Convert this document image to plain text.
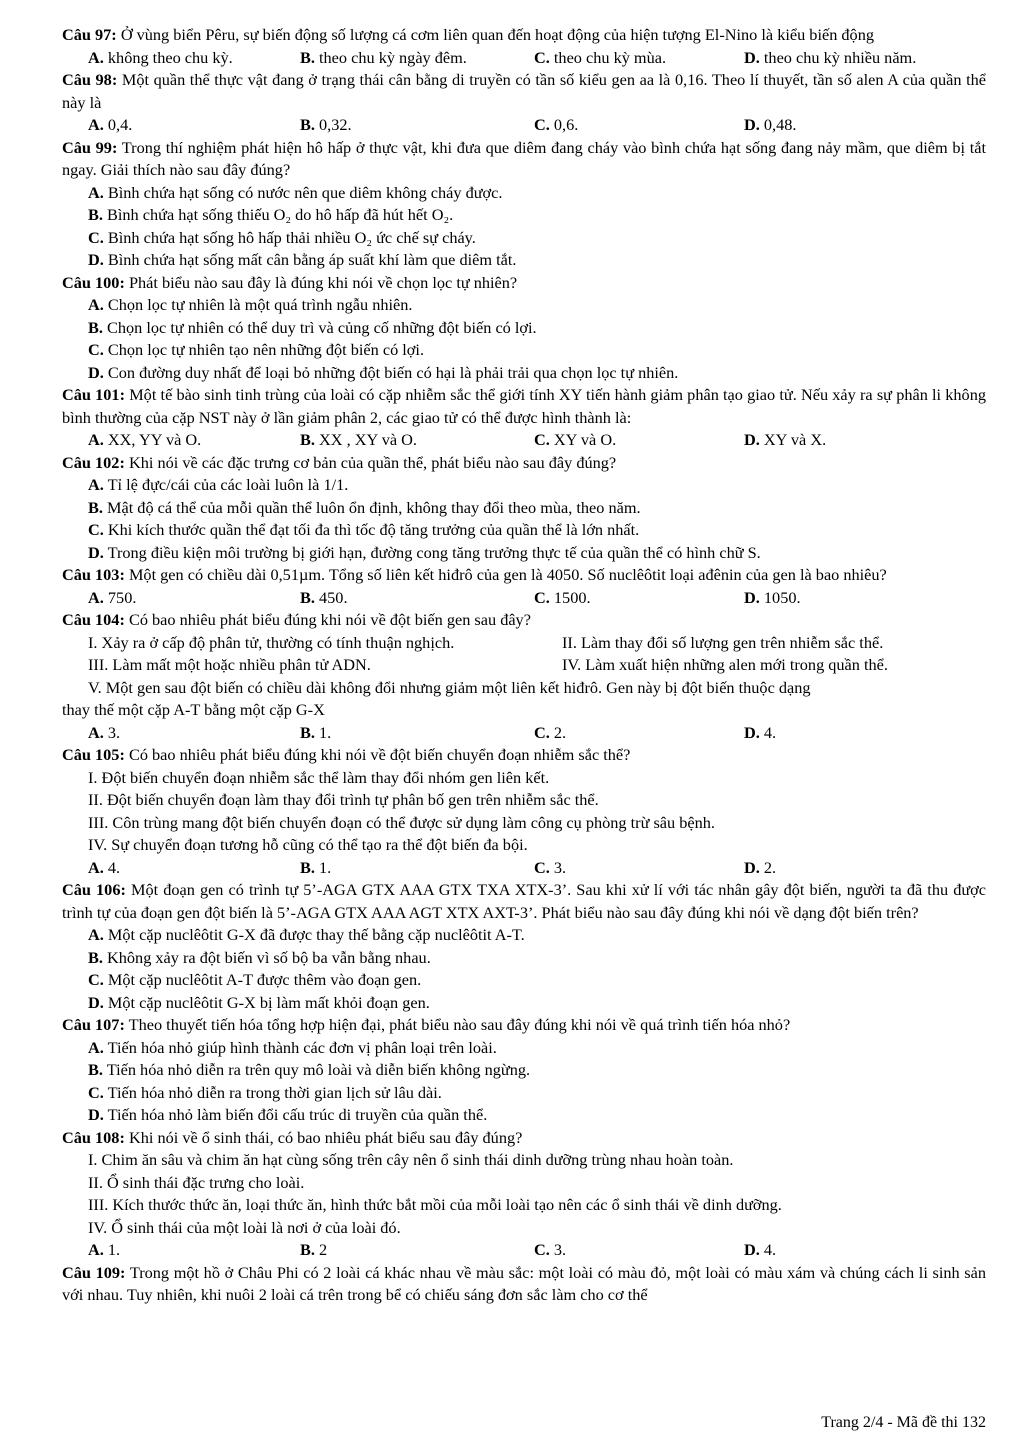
Câu 97: Ở vùng biển Pêru, sự biến động số lượng cá cơm liên quan đến hoạt động của hiện tượng El-Nino là kiểu biến động

A. không theo chu kỳ.	B. theo chu kỳ ngày đêm.	C. theo chu kỳ mùa.	D. theo chu kỳ nhiều năm.

Câu 98: Một quần thể thực vật đang ở trạng thái cân bằng di truyền có tần số kiểu gen aa là 0,16. Theo lí thuyết, tần số alen A của quần thể này là

A. 0,4.	B. 0,32.	C. 0,6.	D. 0,48.

Câu 99: Trong thí nghiệm phát hiện hô hấp ở thực vật, khi đưa que diêm đang cháy vào bình chứa hạt sống đang nảy mầm, que diêm bị tắt ngay. Giải thích nào sau đây đúng?

A. Bình chứa hạt sống có nước nên que diêm không cháy được.
B. Bình chứa hạt sống thiếu O₂ do hô hấp đã hút hết O₂.
C. Bình chứa hạt sống hô hấp thải nhiều O₂ ức chế sự cháy.
D. Bình chứa hạt sống mất cân bằng áp suất khí làm que diêm tắt.

Câu 100: Phát biểu nào sau đây là đúng khi nói về chọn lọc tự nhiên?

A. Chọn lọc tự nhiên là một quá trình ngẫu nhiên.
B. Chọn lọc tự nhiên có thể duy trì và củng cố những đột biến có lợi.
C. Chọn lọc tự nhiên tạo nên những đột biến có lợi.
D. Con đường duy nhất để loại bỏ những đột biến có hại là phải trải qua chọn lọc tự nhiên.

Câu 101: Một tế bào sinh tinh trùng của loài có cặp nhiễm sắc thể giới tính XY tiến hành giảm phân tạo giao tử. Nếu xảy ra sự phân li không bình thường của cặp NST này ở lần giảm phân 2, các giao tử có thể được hình thành là:

A. XX, YY và O.	B. XX , XY và O.	C. XY và O.	D. XY và X.

Câu 102: Khi nói về các đặc trưng cơ bản của quần thể, phát biểu nào sau đây đúng?

A. Tỉ lệ đực/cái của các loài luôn là 1/1.
B. Mật độ cá thể của mỗi quần thể luôn ổn định, không thay đổi theo mùa, theo năm.
C. Khi kích thước quần thể đạt tối đa thì tốc độ tăng trưởng của quần thể là lớn nhất.
D. Trong điều kiện môi trường bị giới hạn, đường cong tăng trưởng thực tế của quần thể có hình chữ S.

Câu 103: Một gen có chiều dài 0,51µm. Tổng số liên kết hiđrô của gen là 4050. Số nuclêôtit loại ađênin của gen là bao nhiêu?

A. 750.	B. 450.	C. 1500.	D. 1050.

Câu 104: Có bao nhiêu phát biểu đúng khi nói về đột biến gen sau đây?

I. Xảy ra ở cấp độ phân tử, thường có tính thuận nghịch.	II. Làm thay đổi số lượng gen trên nhiễm sắc thể.
III. Làm mất một hoặc nhiều phân tử ADN.	IV. Làm xuất hiện những alen mới trong quần thể.
V. Một gen sau đột biến có chiều dài không đổi nhưng giảm một liên kết hiđrô. Gen này bị đột biến thuộc dạng

thay thế một cặp A-T bằng một cặp G-X

A. 3.	B. 1.	C. 2.	D. 4.

Câu 105: Có bao nhiêu phát biểu đúng khi nói về đột biến chuyển đoạn nhiễm sắc thể?

I. Đột biến chuyển đoạn nhiễm sắc thể làm thay đổi nhóm gen liên kết.
II. Đột biến chuyển đoạn làm thay đổi trình tự phân bố gen trên nhiễm sắc thể.
III. Côn trùng mang đột biến chuyển đoạn có thể được sử dụng làm công cụ phòng trừ sâu bệnh.
IV. Sự chuyển đoạn tương hỗ cũng có thể tạo ra thể đột biến đa bội.
A. 4.	B. 1.	C. 3.	D. 2.

Câu 106: Một đoạn gen có trình tự 5’-AGA GTX AAA GTX TXA XTX-3’. Sau khi xử lí với tác nhân gây đột biến, người ta đã thu được trình tự của đoạn gen đột biến là 5’-AGA GTX AAA AGT XTX AXT-3’. Phát biểu nào sau đây đúng khi nói về dạng đột biến trên?

A. Một cặp nuclêôtit G-X đã được thay thế bằng cặp nuclêôtit A-T.
B. Không xảy ra đột biến vì số bộ ba vẫn bằng nhau.
C. Một cặp nuclêôtit A-T được thêm vào đoạn gen.
D. Một cặp nuclêôtit G-X bị làm mất khỏi đoạn gen.

Câu 107: Theo thuyết tiến hóa tổng hợp hiện đại, phát biểu nào sau đây đúng khi nói về quá trình tiến hóa nhỏ?

A. Tiến hóa nhỏ giúp hình thành các đơn vị phân loại trên loài.
B. Tiến hóa nhỏ diễn ra trên quy mô loài và diễn biến không ngừng.
C. Tiến hóa nhỏ diễn ra trong thời gian lịch sử lâu dài.
D. Tiến hóa nhỏ làm biến đổi cấu trúc di truyền của quần thể.

Câu 108: Khi nói về ổ sinh thái, có bao nhiêu phát biểu sau đây đúng?

I. Chim ăn sâu và chim ăn hạt cùng sống trên cây nên ổ sinh thái dinh dưỡng trùng nhau hoàn toàn.
II. Ổ sinh thái đặc trưng cho loài.
III. Kích thước thức ăn, loại thức ăn, hình thức bắt mồi của mỗi loài tạo nên các ổ sinh thái về dinh dưỡng.
IV. Ổ sinh thái của một loài là nơi ở của loài đó.
A. 1.	B. 2	C. 3.	D. 4.

Câu 109: Trong một hồ ở Châu Phi có 2 loài cá khác nhau về màu sắc: một loài có màu đỏ, một loài có màu xám và chúng cách li sinh sản với nhau. Tuy nhiên, khi nuôi 2 loài cá trên trong bể có chiếu sáng đơn sắc làm cho cơ thể

Trang 2/4 - Mã đề thi 132
